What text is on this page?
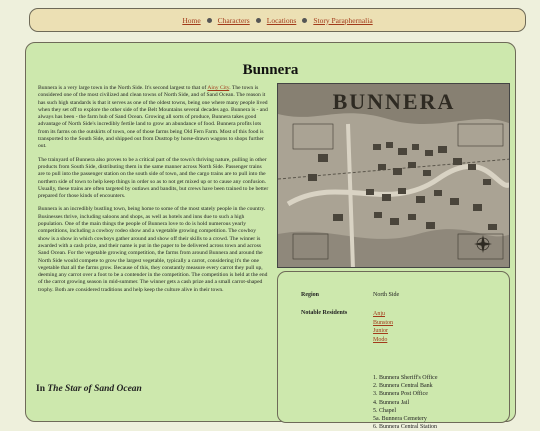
Home Characters Locations Story Paraphernalia
Bunnera

Bunnera is a very large town in the North Side. It's second largest to that of Ainy City. The town is considered one of the most civilized and clean towns of North Side, and of Sand Ocean. The reason it has such high standards is that it serves as one of the oldest towns, being one where many people lived when they set off to explore the other side of the Belt Mountains several decades ago. Bunnera is - and always has been - the farm hub of Sand Ocean. Growing all sorts of produce, Bunnera takes good advantage of North Side's incredibly fertile land to grow an abundance of food. Bunnera profits lots from its farms on the outskirts of town, one of those farms being Old Fern Farm. Most of this food is transported to the South Side, and shipped out from Dusttop by horse-drawn wagons to shops further out.

The trainyard of Bunnera also proves to be a critical part of the town's thriving nature, pulling in other products from South Side, distributing them in the same manner across North Side. Passenger trains are to pull into the passenger station on the south side of town, and the cargo trains are to pull into the northern side of town to help keep things in order so as to not get mixed up or to cause any confusion. Usually, these trains are often targeted by outlaws and bandits, but crews have been trained to be better prepared for those kinds of encounters.

Bunnera is an incredibly bustling town, being home to some of the most stately people in the country. Businesses thrive, including saloons and shops, as well as hotels and inns due to such a high population. One of the main things the people of Bunnera love to do is hold numerous yearly competitions, including a cowboy rodeo show and a vegetable growing competition. The cowboy show is a show in which cowboys gather around and show off their skills to a crowd. The winner is awarded with a cash prize, and their name is put in the paper to be delivered across town and across Sand Ocean. For the vegetable growing competition, the farms from around Bunnera and around the North Side would compete to grow the largest vegetable, typically a carrot, considering it's the one vegetable that all the farms grow. Because of this, they constantly measure every carrot they pull up, deeming any carrot over a foot to be a contender in the competition. The competition is held at the end of the carrot growing season in mid-summer. The winner gets a cash prize and a small carrot-shaped trophy. Both are considered traditions and help keep the culture alive in their town.

In The Star of Sand Ocean
BUNNERA
Region	North Side
Notable Residents	Anju
Bunston
Junior
Modo
1. Bunnera Sheriff's Office
2. Bunnera Central Bank
3. Bunnera Post Office
4. Bunnera Jail
5. Chapel
5a. Bunnera Cemetery
6. Bunnera Central Station
